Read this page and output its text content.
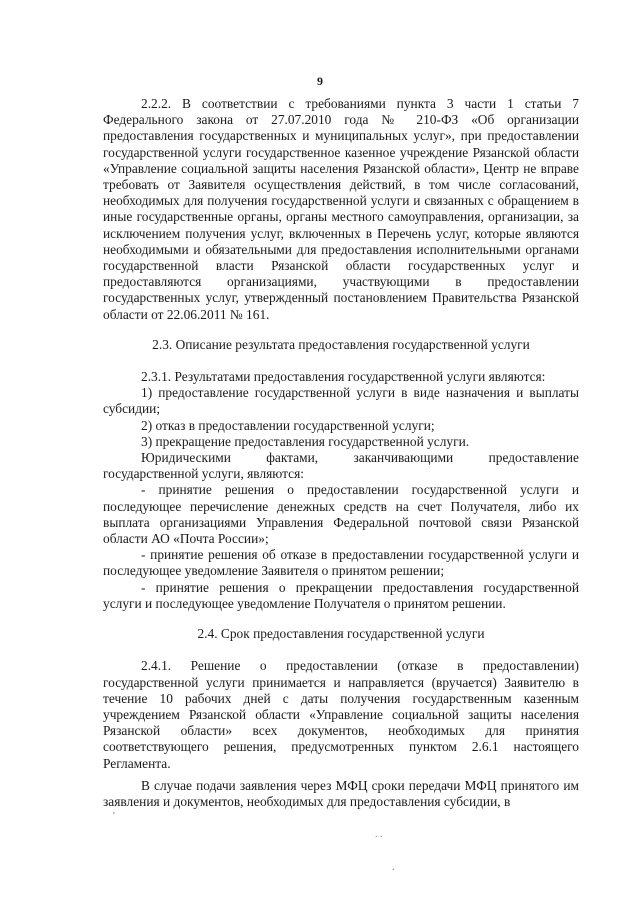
9

2.2.2. В соответствии с требованиями пункта 3 части 1 статьи 7 Федерального закона от 27.07.2010 года № 210-ФЗ «Об организации предоставления государственных и муниципальных услуг», при предоставлении государственной услуги государственное казенное учреждение Рязанской области «Управление социальной защиты населения Рязанской области», Центр не вправе требовать от Заявителя осуществления действий, в том числе согласований, необходимых для получения государственной услуги и связанных с обращением в иные государственные органы, органы местного самоуправления, организации, за исключением получения услуг, включенных в Перечень услуг, которые являются необходимыми и обязательными для предоставления исполнительными органами государственной власти Рязанской области государственных услуг и предоставляются организациями, участвующими в предоставлении государственных услуг, утвержденный постановлением Правительства Рязанской области от 22.06.2011 № 161.

2.3. Описание результата предоставления государственной услуги

2.3.1. Результатами предоставления государственной услуги являются:

1) предоставление государственной услуги в виде назначения и выплаты субсидии;

2) отказ в предоставлении государственной услуги;

3) прекращение предоставления государственной услуги.

Юридическими фактами, заканчивающими предоставление государственной услуги, являются:

- принятие решения о предоставлении государственной услуги и последующее перечисление денежных средств на счет Получателя, либо их выплата организациями Управления Федеральной почтовой связи Рязанской области АО «Почта России»;

- принятие решения об отказе в предоставлении государственной услуги и последующее уведомление Заявителя о принятом решении;

- принятие решения о прекращении предоставления государственной услуги и последующее уведомление Получателя о принятом решении.

2.4. Срок предоставления государственной услуги

2.4.1. Решение о предоставлении (отказе в предоставлении) государственной услуги принимается и направляется (вручается) Заявителю в течение 10 рабочих дней с даты получения государственным казенным учреждением Рязанской области «Управление социальной защиты населения Рязанской области» всех документов, необходимых для принятия соответствующего решения, предусмотренных пунктом 2.6.1 настоящего Регламента.

В случае подачи заявления через МФЦ сроки передачи МФЦ принятого им заявления и документов, необходимых для предоставления субсидии, в

'
. .
.
